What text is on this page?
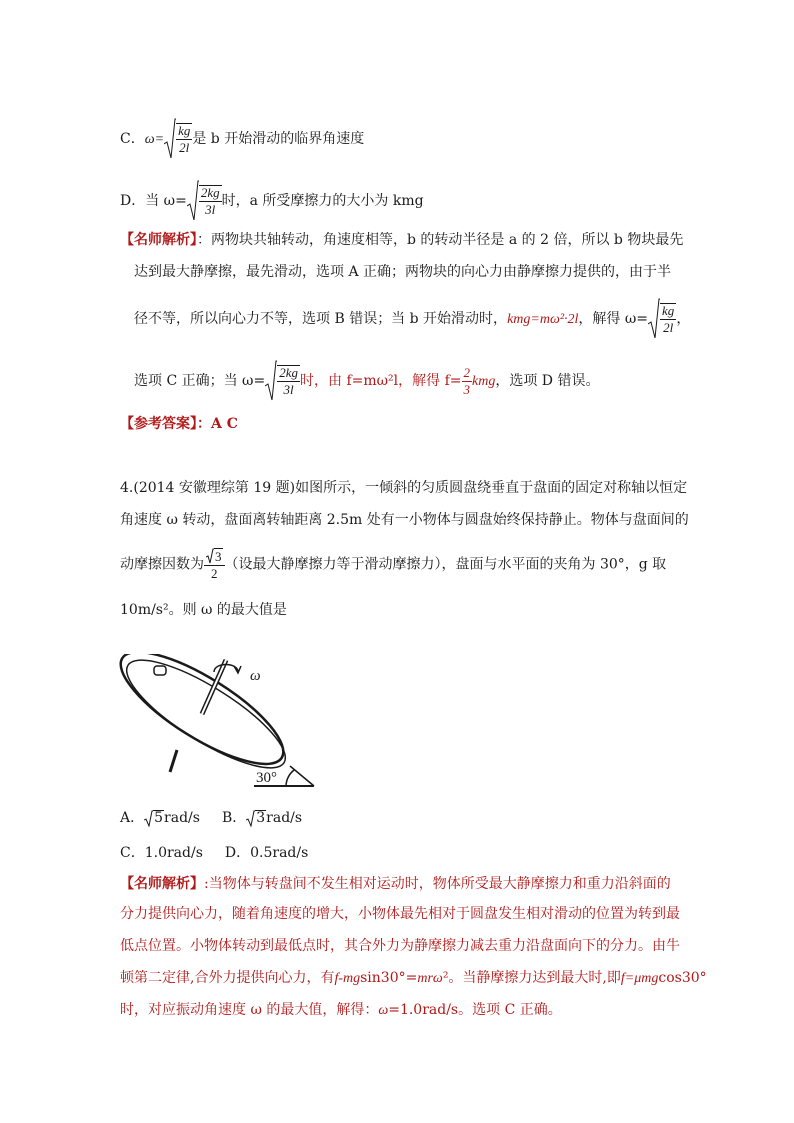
C．$\omega= \frac{kg}{2l}$ 是 b 开始滑动的临界角速度
D．当 $\omega= \frac{2kg}{3l}$ 时，a 所受摩擦力的大小为 kmg
【名师解析】：两物块共轴转动，角速度相等，b 的转动半径是 a 的 2 倍，所以 b 物块最先
达到最大静摩擦，最先滑动，选项 A 正确；两物块的向心力由静摩擦力提供的，由于半
径不等，所以向心力不等，选项 B 错误；当 b 开始滑动时，kmg=mω²·2l，解得 $\omega= \frac{kg}{2l}$ ，
选项 C 正确；当 $\omega= \frac{2kg}{3l}$ 时，由 f=mω²l，解得 $f= \frac{2}{3}$ kmg，选项 D 错误。
【参考答案】：A C
4.(2014 安徽理综第 19 题)如图所示，一倾斜的匀质圆盘绕垂直于盘面的固定对称轴以恒定
角速度 ω 转动，盘面离转轴距离 2.5m 处有一小物体与圆盘始终保持静止。物体与盘面间的
动摩擦因数为 $\frac{3}{2}$ （设最大静摩擦力等于滑动摩擦力），盘面与水平面的夹角为 30°，g 取
10m/s²。则 ω 的最大值是
ω
30°
A． 5 rad/s B． 3 rad/s
C．1.0rad/s D．0.5rad/s
【名师解析】:当物体与转盘间不发生相对运动时，物体所受最大静摩擦力和重力沿斜面的
分力提供向心力，随着角速度的增大，小物体最先相对于圆盘发生相对滑动的位置为转到最
低点位置。小物体转动到最低点时，其合外力为静摩擦力减去重力沿盘面向下的分力。由牛
顿第二定律,合外力提供向心力，有f-mgsin30°=mrω²。当静摩擦力达到最大时,即f=μmgcos30°
时，对应振动角速度 ω 的最大值，解得：ω=1.0rad/s。选项 C 正确。
